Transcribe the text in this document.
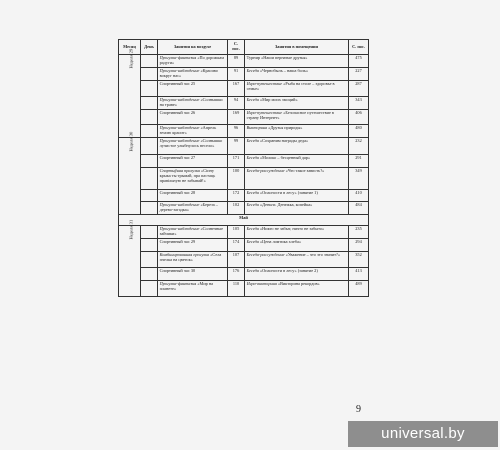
Месяц	День	Занятия на воздухе	С. пос.	Занятия в помещении	С. пос.
Неделя 29		Прогулка-фантазия «По дорожкам радуги»	89	Турнир «Наши пернатые друзья»	475
		Прогулка-наблюдение «Красиво вокруг нас»	91	Беседа «Чернобыль – наша боль»	227
		Спортивный час 25	167	Игра-путешествие «Рыба на столе – здоровье в семье»	287
		Прогулка-наблюдение «Солнышки на траве»	94	Беседа «Мир моих эмоций»	343
		Спортивный час 26	169	Игра-путешествие «Безопасное путешествие в страну Интернет»	406
		Прогулка-наблюдение «Апрель землю красит»	96	Викторина «Друзья природы»	480
Неделя 30		Прогулка-наблюдение «Солнышко лучистое улыбнулось весело»	99	Беседа «Сохраним награды деда»	232
		Спортивный час 27	171	Беседа «Молоко – бесценный дар»	291
		Спартыўная прагулка «Сіпну крыка ты трымай, пра пастаць правільную не забывай!»	100	Беседа-рассуждение «Что такое зависть?»	349
		Спортивный час 28	172	Беседа «Опасности в лесу» (занятие 1)	410
		Прогулка-наблюдение «Береза – дерево-загадка»	102	Беседа «Деньги. Денежка, копейка»	484
Май					
Неделя 31		Прогулка-наблюдение «Солнечные зайчики»	105	Беседа «Никто не забыт, ничто не забыто»	235
		Спортивный час 29	174	Беседа «Цена ломтика хлеба»	294
		Комбинированная прогулка «Села пчелка на цветок»	107	Беседа-рассуждение «Уважение – что это значит?»	352
		Спортивный час 30	176	Беседа «Опасности в лесу» (занятие 2)	413
		Прогулка-фантазия «Мир на планете»	110	Игра-викторина «Викторина рекордов»	489
9
universal.by
